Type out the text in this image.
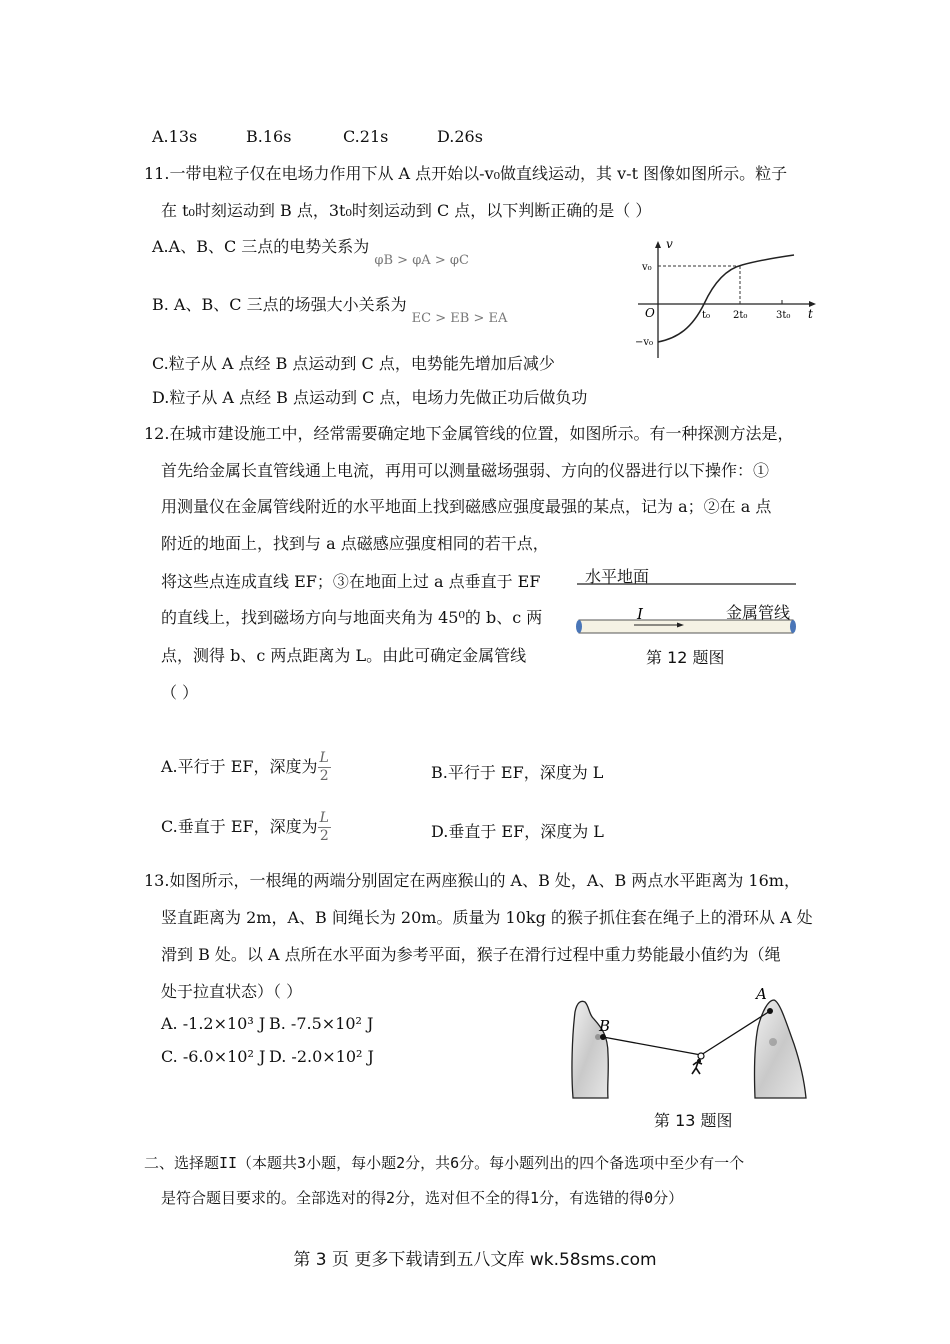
A.13s	B.16s	C.21s	D.26s
11.一带电粒子仅在电场力作用下从 A 点开始以-v₀做直线运动，其 v-t 图像如图所示。粒子
在 t₀时刻运动到 B 点，3t₀时刻运动到 C 点，以下判断正确的是（ ）
A.A、B、C 三点的电势关系为 $_{\varphi B > \varphi A > \varphi C}$
B. A、B、C 三点的场强大小关系为 $_{EC > EB > EA}$
C.粒子从 A 点经 B 点运动到 C 点，电势能先增加后减少
D.粒子从 A 点经 B 点运动到 C 点，电场力先做正功后做负功
v
t
O
v₀
−v₀
t₀ 2t₀	3t₀
12.在城市建设施工中，经常需要确定地下金属管线的位置，如图所示。有一种探测方法是，
首先给金属长直管线通上电流，再用可以测量磁场强弱、方向的仪器进行以下操作：①
用测量仪在金属管线附近的水平地面上找到磁感应强度最强的某点，记为 a；②在 a 点
附近的地面上，找到与 a 点磁感应强度相同的若干点，
将这些点连成直线 EF；③在地面上过 a 点垂直于 EF
的直线上，找到磁场方向与地面夹角为 45⁰的 b、c 两
点，测得 b、c 两点距离为 L。由此可确定金属管线
（ ）
水平地面
I	金属管线
第 12 题图
A.平行于 EF，深度为 $\frac{L}{2}$	B.平行于 EF，深度为 L
C.垂直于 EF，深度为 $\frac{L}{2}$	D.垂直于 EF，深度为 L
13.如图所示，一根绳的两端分别固定在两座猴山的 A、B 处，A、B 两点水平距离为 16m，
竖直距离为 2m，A、B 间绳长为 20m。质量为 10kg 的猴子抓住套在绳子上的滑环从 A 处
滑到 B 处。以 A 点所在水平面为参考平面，猴子在滑行过程中重力势能最小值约为（绳
处于拉直状态）（ ）
A. -1.2×10³ J B. -7.5×10² J
C. -6.0×10² J D. -2.0×10² J
B
A
第 13 题图
二、选择题II（本题共3小题，每小题2分，共6分。每小题列出的四个备选项中至少有一个
是符合题目要求的。全部选对的得2分，选对但不全的得1分，有选错的得0分）
第 3 页 更多下载请到五八文库 wk.58sms.com
